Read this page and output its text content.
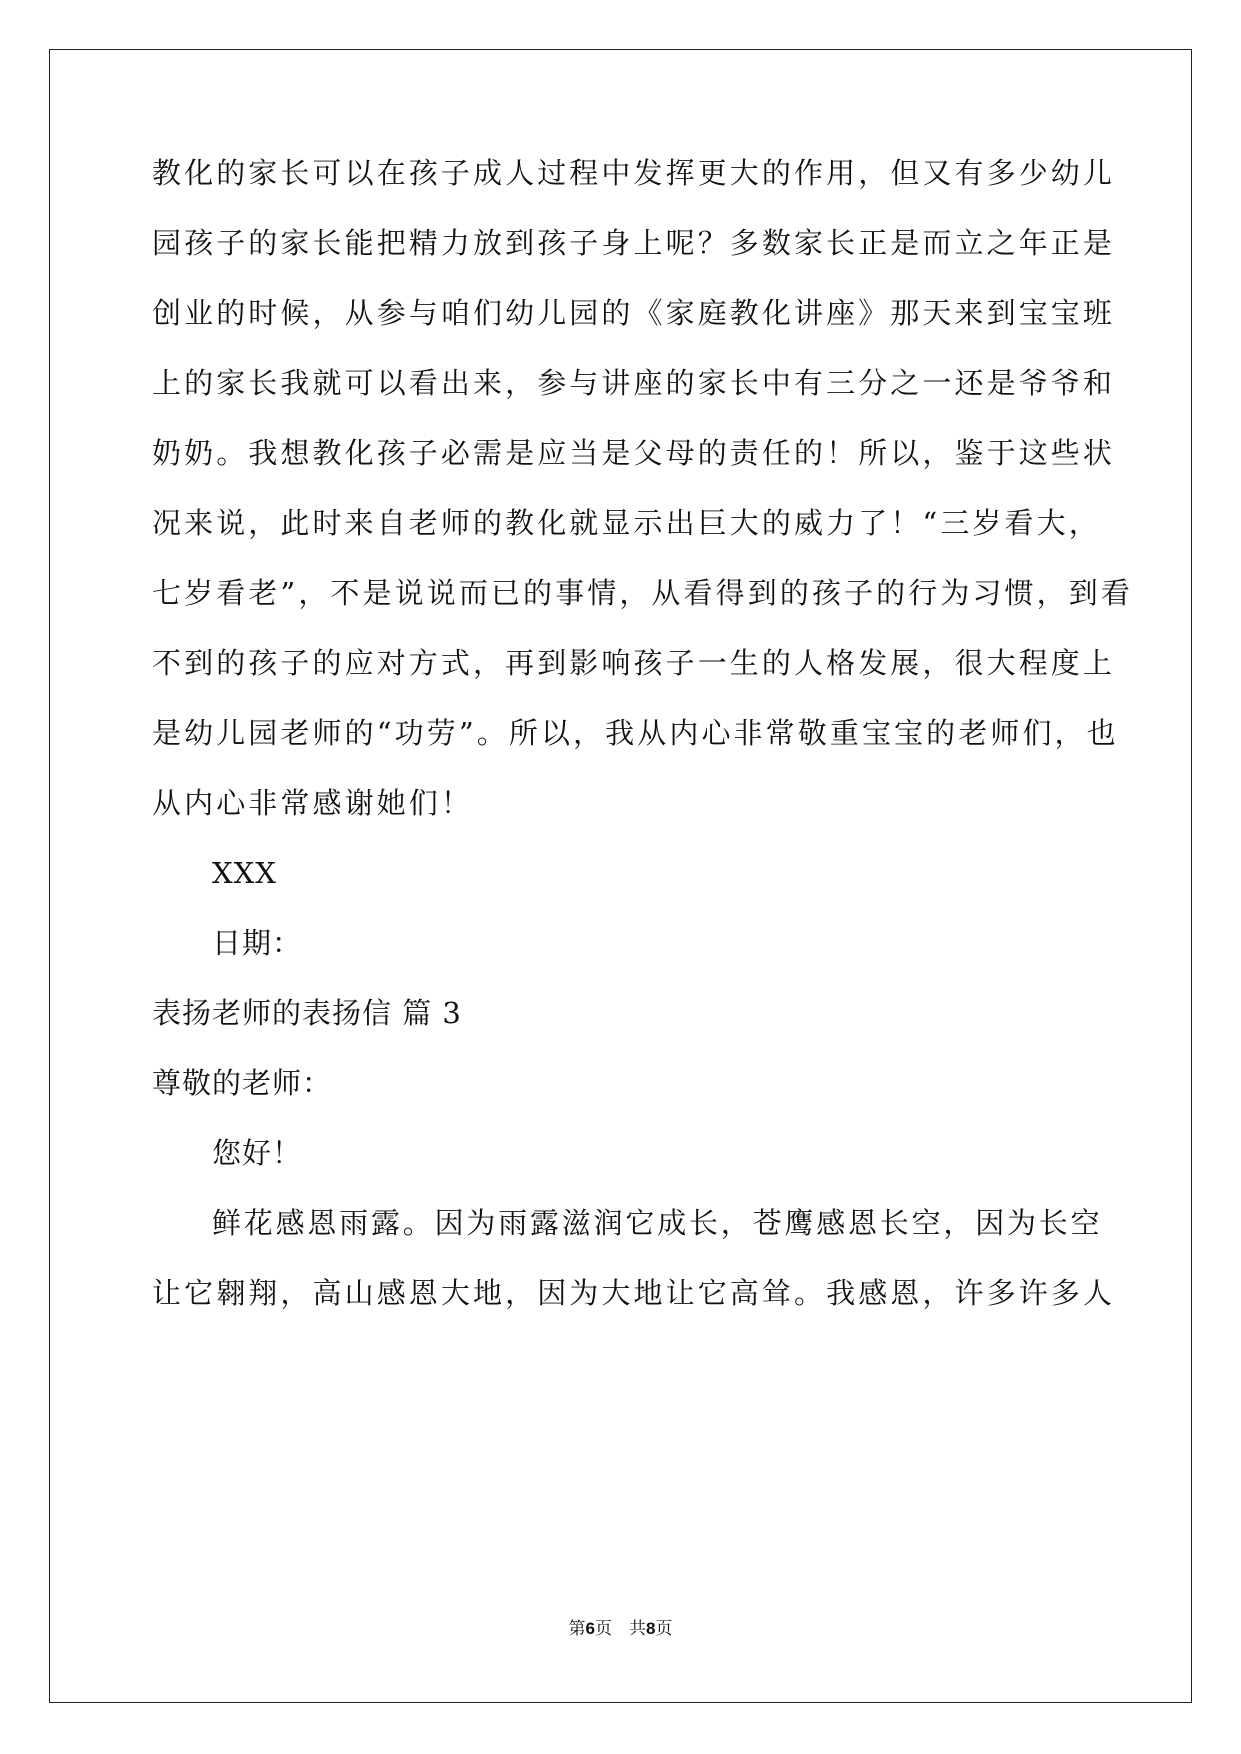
教化的家长可以在孩子成人过程中发挥更大的作用，但又有多少幼儿
园孩子的家长能把精力放到孩子身上呢？多数家长正是而立之年正是
创业的时候，从参与咱们幼儿园的《家庭教化讲座》那天来到宝宝班
上的家长我就可以看出来，参与讲座的家长中有三分之一还是爷爷和
奶奶。我想教化孩子必需是应当是父母的责任的！所以，鉴于这些状
况来说，此时来自老师的教化就显示出巨大的威力了！“三岁看大，
七岁看老”，不是说说而已的事情，从看得到的孩子的行为习惯，到看
不到的孩子的应对方式，再到影响孩子一生的人格发展，很大程度上
是幼儿园老师的“功劳”。所以，我从内心非常敬重宝宝的老师们，也
从内心非常感谢她们！
XXX
日期：
表扬老师的表扬信 篇 3
尊敬的老师：
您好！
鲜花感恩雨露。因为雨露滋润它成长，苍鹰感恩长空，因为长空
让它翱翔，高山感恩大地，因为大地让它高耸。我感恩，许多许多人
第6页　共8页
